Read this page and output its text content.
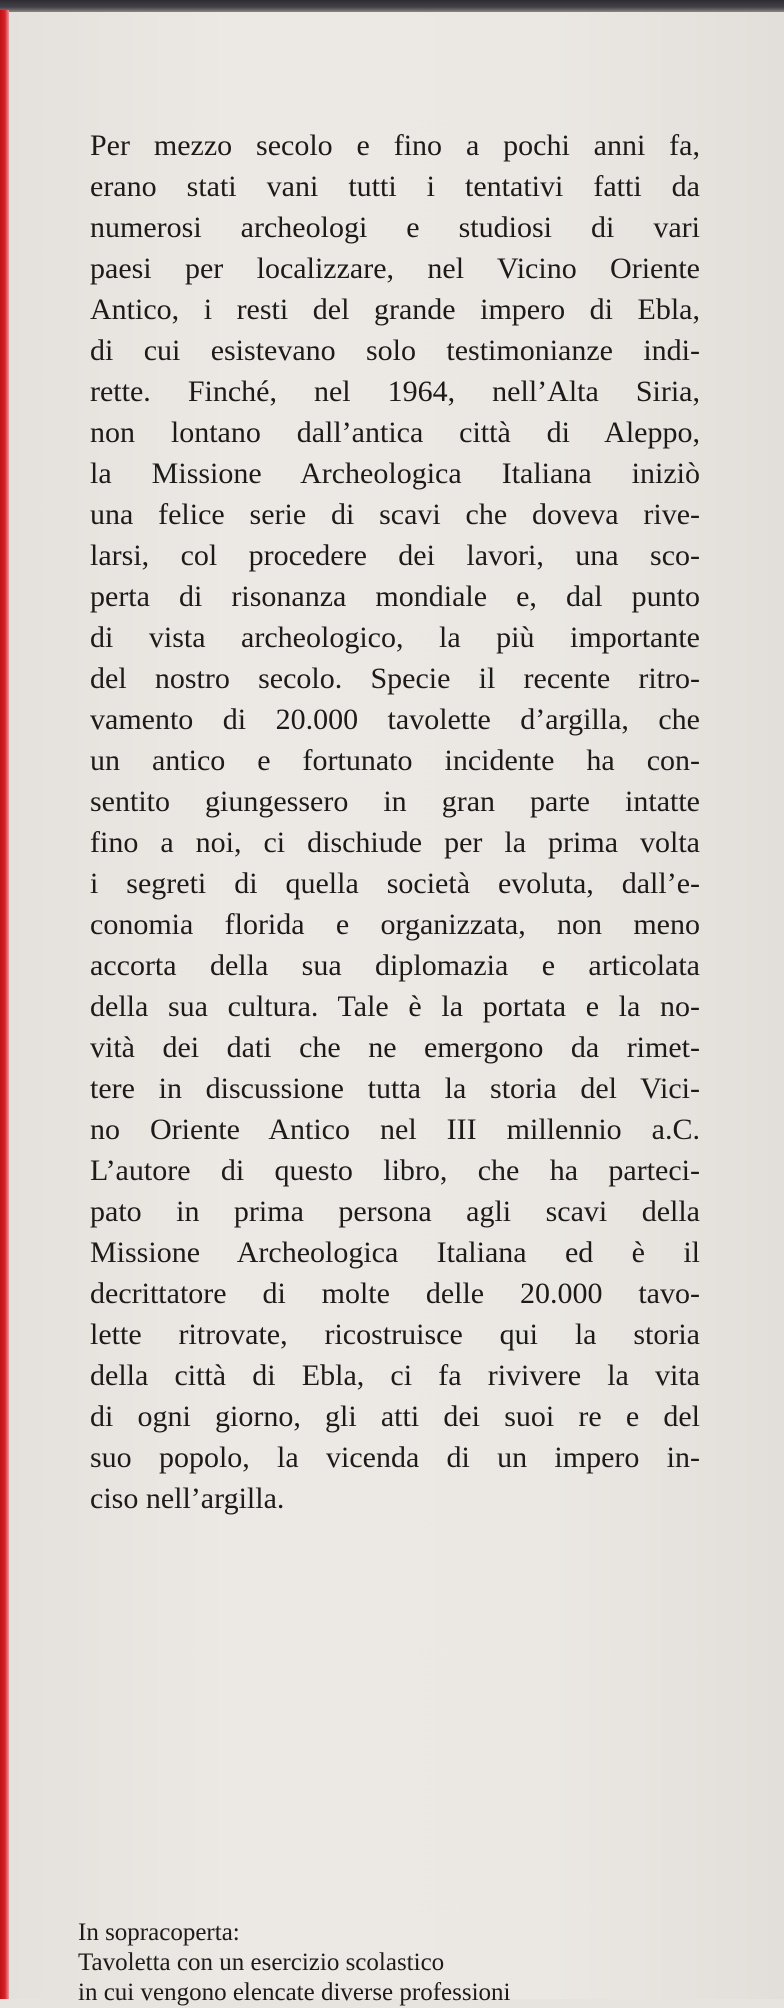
Per mezzo secolo e fino a pochi anni fa,
erano stati vani tutti i tentativi fatti da
numerosi archeologi e studiosi di vari
paesi per localizzare, nel Vicino Oriente
Antico, i resti del grande impero di Ebla,
di cui esistevano solo testimonianze indi-
rette. Finché, nel 1964, nell’Alta Siria,
non lontano dall’antica città di Aleppo,
la Missione Archeologica Italiana iniziò
una felice serie di scavi che doveva rive-
larsi, col procedere dei lavori, una sco-
perta di risonanza mondiale e, dal punto
di vista archeologico, la più importante
del nostro secolo. Specie il recente ritro-
vamento di 20.000 tavolette d’argilla, che
un antico e fortunato incidente ha con-
sentito giungessero in gran parte intatte
fino a noi, ci dischiude per la prima volta
i segreti di quella società evoluta, dall’e-
conomia florida e organizzata, non meno
accorta della sua diplomazia e articolata
della sua cultura. Tale è la portata e la no-
vità dei dati che ne emergono da rimet-
tere in discussione tutta la storia del Vici-
no Oriente Antico nel III millennio a.C.
L’autore di questo libro, che ha parteci-
pato in prima persona agli scavi della
Missione Archeologica Italiana ed è il
decrittatore di molte delle 20.000 tavo-
lette ritrovate, ricostruisce qui la storia
della città di Ebla, ci fa rivivere la vita
di ogni giorno, gli atti dei suoi re e del
suo popolo, la vicenda di un impero in-
ciso nell’argilla.
In sopracoperta:
Tavoletta con un esercizio scolastico
in cui vengono elencate diverse professioni
